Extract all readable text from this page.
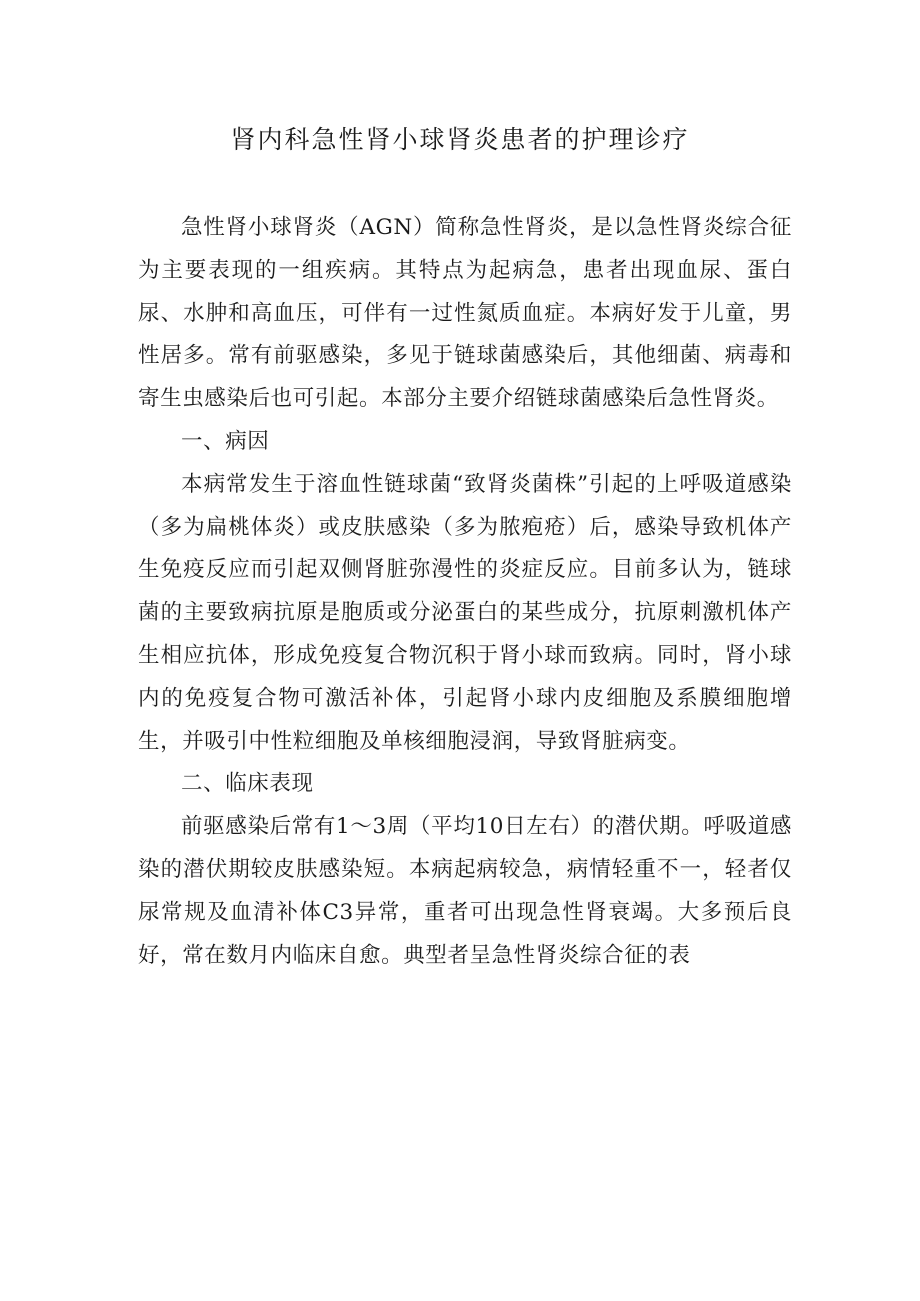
肾内科急性肾小球肾炎患者的护理诊疗

急性肾小球肾炎（AGN）简称急性肾炎，是以急性肾炎综合征为主要表现的一组疾病。其特点为起病急，患者出现血尿、蛋白尿、水肿和高血压，可伴有一过性氮质血症。本病好发于儿童，男性居多。常有前驱感染，多见于链球菌感染后，其他细菌、病毒和寄生虫感染后也可引起。本部分主要介绍链球菌感染后急性肾炎。

一、病因

本病常发生于溶血性链球菌“致肾炎菌株”引起的上呼吸道感染（多为扁桃体炎）或皮肤感染（多为脓疱疮）后，感染导致机体产生免疫反应而引起双侧肾脏弥漫性的炎症反应。目前多认为，链球菌的主要致病抗原是胞质或分泌蛋白的某些成分，抗原刺激机体产生相应抗体，形成免疫复合物沉积于肾小球而致病。同时，肾小球内的免疫复合物可激活补体，引起肾小球内皮细胞及系膜细胞增生，并吸引中性粒细胞及单核细胞浸润，导致肾脏病变。

二、临床表现

前驱感染后常有1～3周（平均10日左右）的潜伏期。呼吸道感染的潜伏期较皮肤感染短。本病起病较急，病情轻重不一，轻者仅尿常规及血清补体C3异常，重者可出现急性肾衰竭。大多预后良好，常在数月内临床自愈。典型者呈急性肾炎综合征的表
